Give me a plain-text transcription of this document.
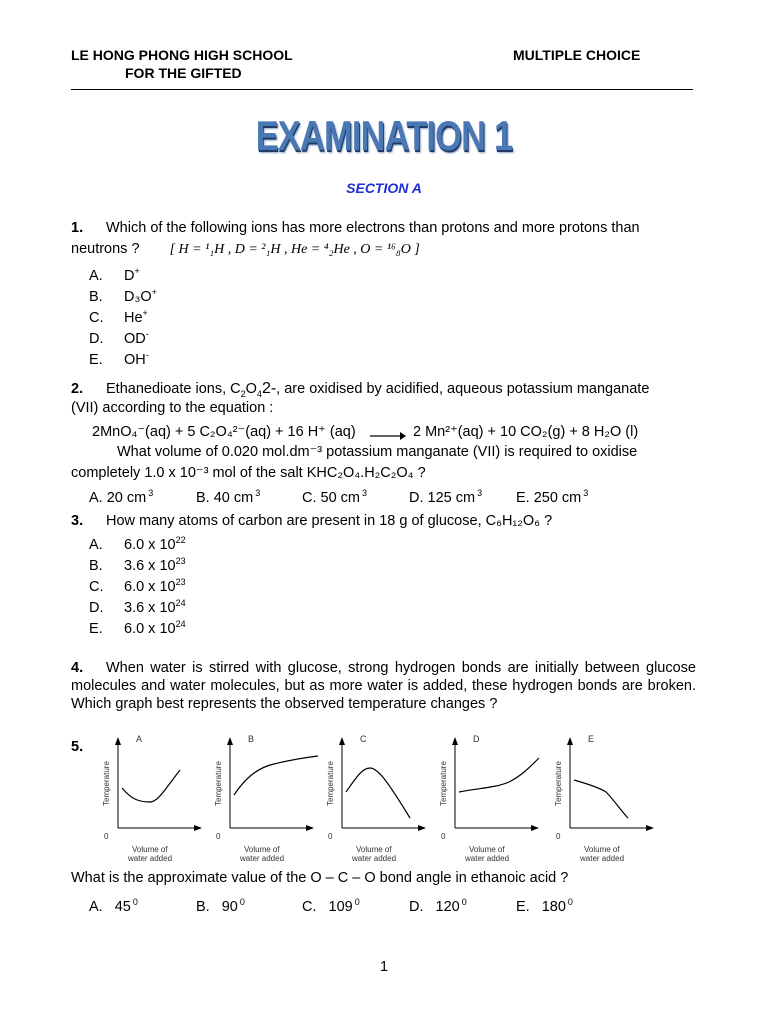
LE HONG PHONG HIGH SCHOOL
FOR THE GIFTED
MULTIPLE CHOICE
EXAMINATION 1
SECTION A
1. Which of the following ions has more electrons than protons and more protons than
neutrons ? [ H = ¹₁H , D = ²₁H , He = ⁴₂He , O = ¹⁶₈O ]
A. D+
B. D₃O+
C. He+
D. OD-
E. OH-
2. Ethanedioate ions, $C_2O_42-$, are oxidised by acidified, aqueous potassium manganate
(VII) according to the equation :
2MnO₄⁻(aq) + 5 C₂O₄²⁻(aq) + 16 H⁺ (aq) → 2 Mn²⁺(aq) + 10 CO₂(g) + 8 H₂O (l)
What volume of 0.020 mol.dm⁻³ potassium manganate (VII) is required to oxidise
completely 1.0 x 10⁻³ mol of the salt KHC₂O₄.H₂C₂O₄ ?
A. 20 cm $^3$	B. 40 cm $^3$	C. 50 cm $^3$	D. 125 cm $^3$ E. 250 cm $^3$
3. How many atoms of carbon are present in 18 g of glucose, C₆H₁₂O₆ ?
A. 6.0 x $10^{22}$
B. 3.6 x $10^{23}$
C. 6.0 x $10^{23}$
D. 3.6 x $10^{24}$
E. 6.0 x $10^{24}$
4. When water is stirred with glucose, strong hydrogen bonds are initially between glucose molecules and water molecules, but as more water is added, these hydrogen bonds are broken. Which graph best represents the observed temperature changes ?
5.	A
Temperature
0
Volume of
water added
B
Temperature
0
Volume of
water added
C
Temperature
0
Volume of
water added
D
Temperature
0
Volume of
water added
E
Temperature
0
Volume of
water added
What is the approximate value of the O – C – O bond angle in ethanoic acid ?
A. 45 $^0$	B. 90 $^0$	C. 109 $^0$	D. 120 $^0$	E. 180 $^0$
1
